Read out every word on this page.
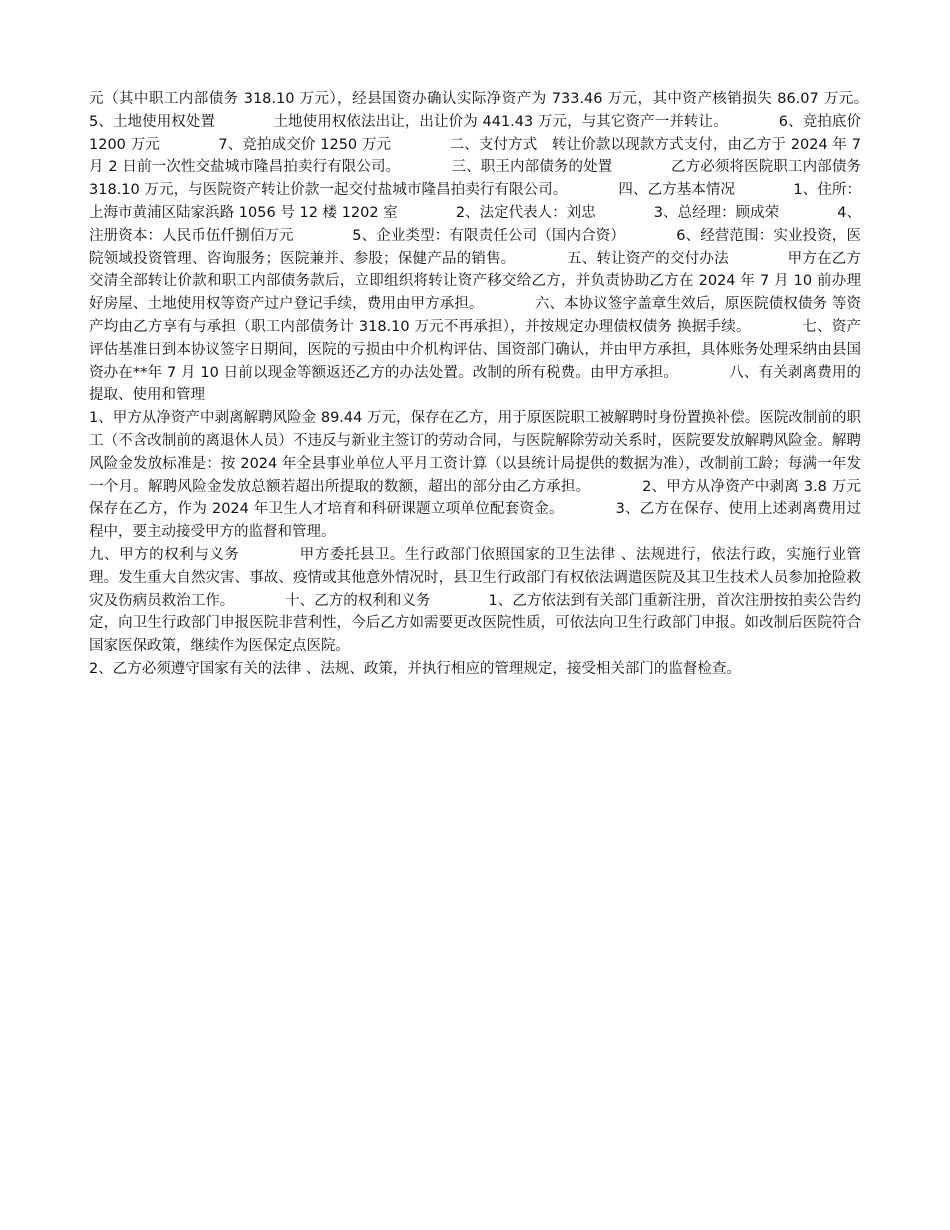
元（其中职工内部债务 318.10 万元），经县国资办确认实际净资产为 733.46 万元，其中资产核销损失 86.07 万元。　　　　5、土地使用权处置　　　　土地使用权依法出让，出让价为 441.43 万元，与其它资产一并转让。　　　　6、竞拍底价 1200 万元　　　　7、竞拍成交价 1250 万元　　　　二、支付方式　转让价款以现款方式支付，由乙方于 2024 年 7 月 2 日前一次性交盐城市隆昌拍卖行有限公司。　　　　三、职王内部债务的处置　　　　乙方必须将医院职工内部债务 318.10 万元，与医院资产转让价款一起交付盐城市隆昌拍卖行有限公司。　　　　四、乙方基本情况　　　　1、住所：上海市黄浦区陆家浜路 1056 号 12 楼 1202 室　　　　2、法定代表人：刘忠　　　　3、总经理：顾成荣　　　　4、注册资本：人民币伍仟捌佰万元　　　　5、企业类型：有限责任公司（国内合资）　　　　6、经营范围：实业投资，医院领域投资管理、咨询服务；医院兼并、参股；保健产品的销售。　　　　五、转让资产的交付办法　　　　甲方在乙方交清全部转让价款和职工内部债务款后，立即组织将转让资产移交给乙方，并负责协助乙方在 2024 年 7 月 10 前办理好房屋、土地使用权等资产过户登记手续，费用由甲方承担。　　　　六、本协议签字盖章生效后，原医院债权债务 等资产均由乙方享有与承担（职工内部债务计 318.10 万元不再承担），并按规定办理债权债务 换据手续。　　　　七、资产评估基准日到本协议签字日期间，医院的亏损由中介机构评估、国资部门确认，并由甲方承担，具体账务处理采纳由县国资办在**年 7 月 10 日前以现金等额返还乙方的办法处置。改制的所有税费。由甲方承担。　　　　八、有关剥离费用的提取、使用和管理

1、甲方从净资产中剥离解聘风险金 89.44 万元，保存在乙方，用于原医院职工被解聘时身份置换补偿。医院改制前的职工（不含改制前的离退休人员）不违反与新业主签订的劳动合同，与医院解除劳动关系时，医院要发放解聘风险金。解聘风险金发放标准是：按 2024 年全县事业单位人平月工资计算（以县统计局提供的数据为准），改制前工龄；每满一年发一个月。解聘风险金发放总额若超出所提取的数额，超出的部分由乙方承担。　　　　2、甲方从净资产中剥离 3.8 万元保存在乙方，作为 2024 年卫生人才培育和科研课题立项单位配套资金。　　　　3、乙方在保存、使用上述剥离费用过程中，要主动接受甲方的监督和管理。

九、甲方的权利与义务　　　　甲方委托县卫。生行政部门依照国家的卫生法律 、法规进行，依法行政，实施行业管理。发生重大自然灾害、事故、疫情或其他意外情况时，县卫生行政部门有权依法调遣医院及其卫生技术人员参加抢险救灾及伤病员救治工作。　　　　十、乙方的权利和义务　　　　1、乙方依法到有关部门重新注册，首次注册按拍卖公告约定，向卫生行政部门申报医院非营利性，今后乙方如需要更改医院性质，可依法向卫生行政部门申报。如改制后医院符合国家医保政策，继续作为医保定点医院。

2、乙方必须遵守国家有关的法律 、法规、政策，并执行相应的管理规定，接受相关部门的监督检查。
